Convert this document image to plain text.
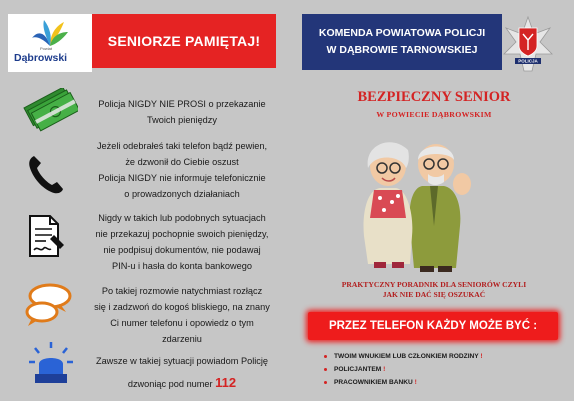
Powiat
Dąbrowski
SENIORZE PAMIĘTAJ!	KOMENDA POWIATOWA POLICJI
W DĄBROWIE TARNOWSKIEJ
POLICJA
Policja NIGDY NIE PROSI o przekazanie
Twoich pieniędzy
Jeżeli odebrałeś taki telefon bądź pewien,
że dzwonił do Ciebie oszust
Policja NIGDY nie informuje telefonicznie
o prowadzonych działaniach
Nigdy w takich lub podobnych sytuacjach
nie przekazuj pochopnie swoich pieniędzy,
nie podpisuj dokumentów, nie podawaj
PIN-u i hasła do konta bankowego
Po takiej rozmowie natychmiast rozłącz
się i zadzwoń do kogoś bliskiego, na znany
Ci numer telefonu i opowiedz o tym
zdarzeniu
Zawsze w takiej sytuacji powiadom Policję
dzwoniąc pod numer 112
BEZPIECZNY SENIOR
W POWIECIE DĄBROWSKIM
PRAKTYCZNY PORADNIK DLA SENIORÓW CZYLI
JAK NIE DAĆ SIĘ OSZUKAĆ
PRZEZ TELEFON KAŻDY MOŻE BYĆ :
TWOIM WNUKIEM LUB CZŁONKIEM RODZINY !
POLICJANTEM !
PRACOWNIKIEM BANKU !
